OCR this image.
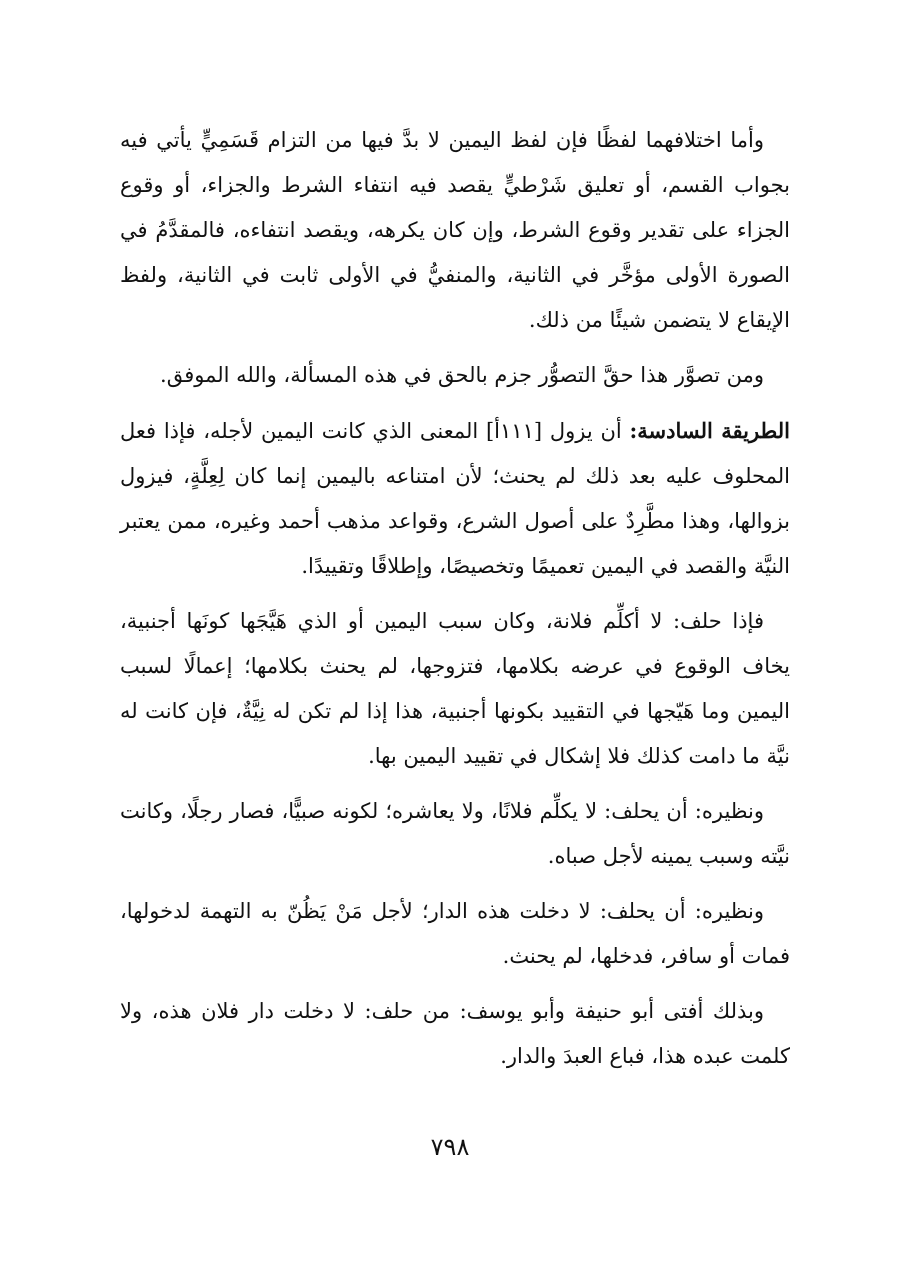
وأما اختلافهما لفظًا فإن لفظ اليمين لا بدَّ فيها من التزام قَسَمِيٍّ يأتي فيه بجواب القسم، أو تعليق شَرْطيٍّ يقصد فيه انتفاء الشرط والجزاء، أو وقوع الجزاء على تقدير وقوع الشرط، وإن كان يكرهه، ويقصد انتفاءه، فالمقدَّمُ في الصورة الأولى مؤخَّر في الثانية، والمنفيُّ في الأولى ثابت في الثانية، ولفظ الإيقاع لا يتضمن شيئًا من ذلك.

ومن تصوَّر هذا حقَّ التصوُّر جزم بالحق في هذه المسألة، والله الموفق.

الطريقة السادسة: أن يزول [١١١أ] المعنى الذي كانت اليمين لأجله، فإذا فعل المحلوف عليه بعد ذلك لم يحنث؛ لأن امتناعه باليمين إنما كان لِعِلَّةٍ، فيزول بزوالها، وهذا مطَّرِدٌ على أصول الشرع، وقواعد مذهب أحمد وغيره، ممن يعتبر النيَّة والقصد في اليمين تعميمًا وتخصيصًا، وإطلاقًا وتقييدًا.

فإذا حلف: لا أكلِّم فلانة، وكان سبب اليمين أو الذي هَيَّجَها كونَها أجنبية، يخاف الوقوع في عرضه بكلامها، فتزوجها، لم يحنث بكلامها؛ إعمالًا لسبب اليمين وما هَيّجها في التقييد بكونها أجنبية، هذا إذا لم تكن له نِيَّةٌ، فإن كانت له نيَّة ما دامت كذلك فلا إشكال في تقييد اليمين بها.

ونظيره: أن يحلف: لا يكلِّم فلانًا، ولا يعاشره؛ لكونه صبيًّا، فصار رجلًا، وكانت نيَّته وسبب يمينه لأجل صباه.

ونظيره: أن يحلف: لا دخلت هذه الدار؛ لأجل مَنْ يَظُنّ به التهمة لدخولها، فمات أو سافر، فدخلها، لم يحنث.

وبذلك أفتى أبو حنيفة وأبو يوسف: من حلف: لا دخلت دار فلان هذه، ولا كلمت عبده هذا، فباع العبدَ والدار.

٧٩٨
